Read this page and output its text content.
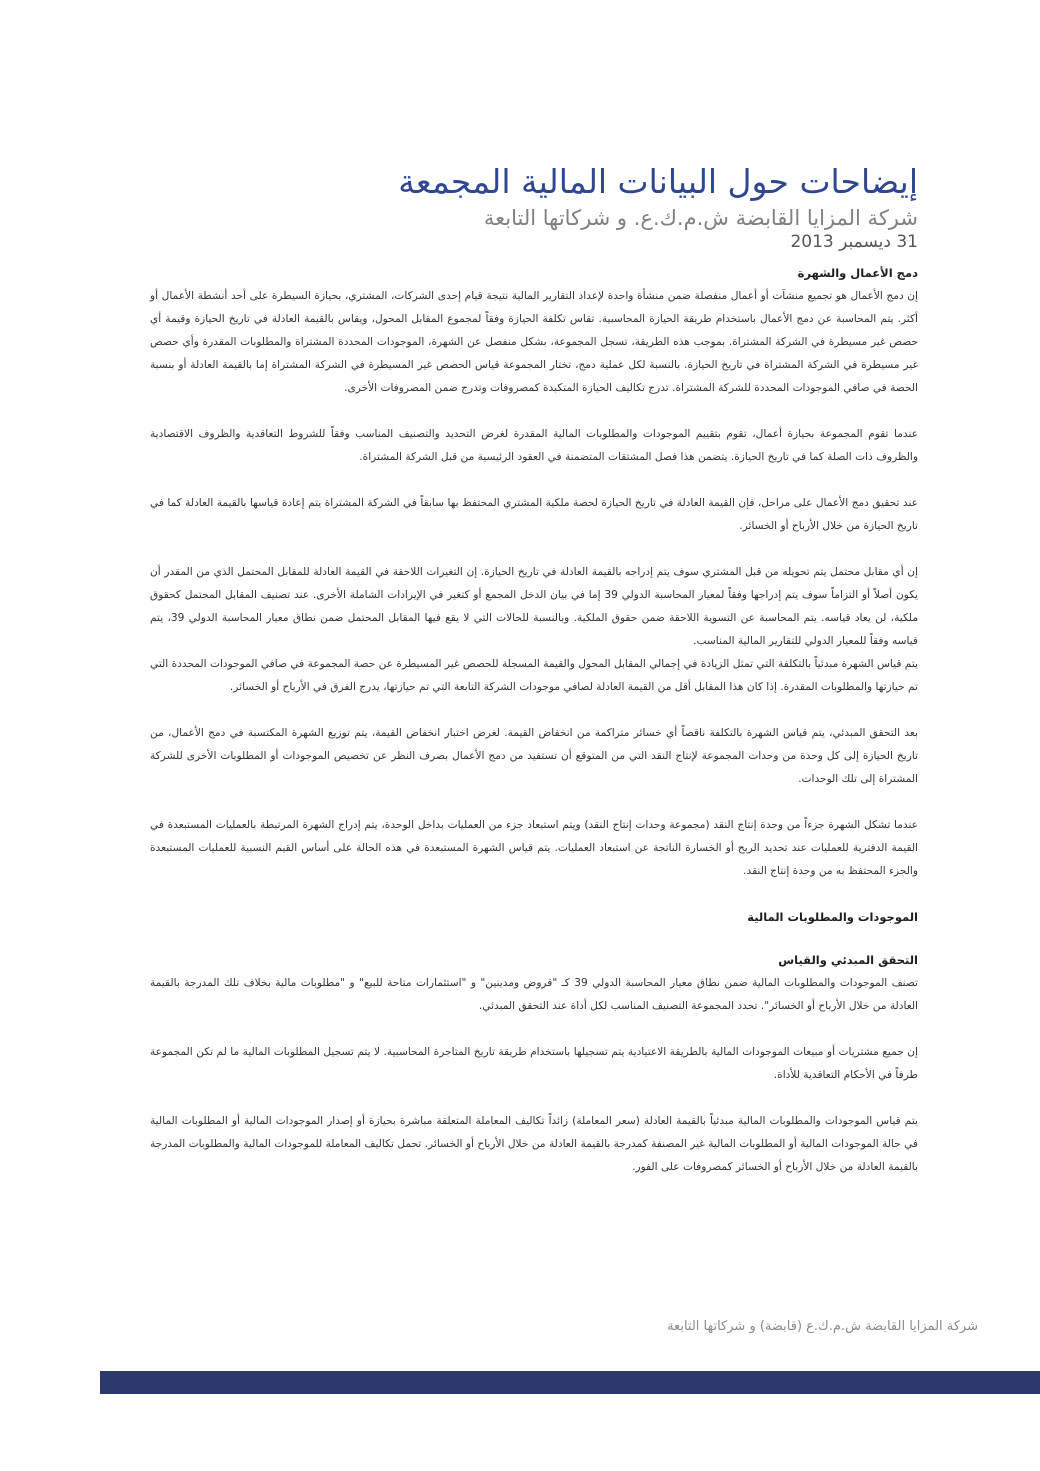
إيضاحات حول البيانات المالية المجمعة
شركة المزايا القابضة ش.م.ك.ع. و شركاتها التابعة
31 ديسمبر 2013
دمج الأعمال والشهرة

إن دمج الأعمال هو تجميع منشآت أو أعمال منفصلة ضمن منشأة واحدة لإعداد التقارير المالية نتيجة قيام إحدى الشركات، المشتري، بحيازة السيطرة على أحد أنشطة الأعمال أو أكثر. يتم المحاسبة عن دمج الأعمال باستخدام طريقة الحيازة المحاسبية. تقاس تكلفة الحيازة وفقاً لمجموع المقابل المحول، ويقاس بالقيمة العادلة في تاريخ الحيازة وقيمة أي حصص غير مسيطرة في الشركة المشتراة. بموجب هذه الطريقة، تسجل المجموعة، بشكل منفصل عن الشهرة، الموجودات المحددة المشتراة والمطلوبات المقدرة وأي حصص غير مسيطرة في الشركة المشتراة في تاريخ الحيازة. بالنسبة لكل عملية دمج، تختار المجموعة قياس الحصص غير المسيطرة في الشركة المشتراة إما بالقيمة العادلة أو بنسبة الحصة في صافي الموجودات المحددة للشركة المشتراة. تدرج تكاليف الحيازة المتكبدة كمصروفات وتدرج ضمن المصروفات الأخرى.

عندما تقوم المجموعة بحيازة أعمال، تقوم بتقييم الموجودات والمطلوبات المالية المقدرة لغرض التحديد والتصنيف المناسب وفقاً للشروط التعاقدية والظروف الاقتصادية والظروف ذات الصلة كما في تاريخ الحيازة. يتضمن هذا فصل المشتقات المتضمنة في العقود الرئيسية من قبل الشركة المشتراة.

عند تحقيق دمج الأعمال على مراحل، فإن القيمة العادلة في تاريخ الحيازة لحصة ملكية المشتري المحتفظ بها سابقاً في الشركة المشتراة يتم إعادة قياسها بالقيمة العادلة كما في تاريخ الحيازة من خلال الأرباح أو الخسائر.

إن أي مقابل محتمل يتم تحويله من قبل المشتري سوف يتم إدراجه بالقيمة العادلة في تاريخ الحيازة. إن التغيرات اللاحقة في القيمة العادلة للمقابل المحتمل الذي من المقدر أن يكون أصلاً أو التزاماً سوف يتم إدراجها وفقاً لمعيار المحاسبة الدولي 39 إما في بيان الدخل المجمع أو كتغير في الإيرادات الشاملة الأخرى. عند تصنيف المقابل المحتمل كحقوق ملكية، لن يعاد قياسه. يتم المحاسبة عن التسوية اللاحقة ضمن حقوق الملكية. وبالنسبة للحالات التي لا يقع فيها المقابل المحتمل ضمن نطاق معيار المحاسبة الدولي 39، يتم قياسه وفقاً للمعيار الدولي للتقارير المالية المناسب.

يتم قياس الشهرة مبدئياً بالتكلفة التي تمثل الزيادة في إجمالي المقابل المحول والقيمة المسجلة للحصص غير المسيطرة عن حصة المجموعة في صافي الموجودات المحددة التي تم حيازتها والمطلوبات المقدرة. إذا كان هذا المقابل أقل من القيمة العادلة لصافي موجودات الشركة التابعة التي تم حيازتها، يدرج الفرق في الأرباح أو الخسائر.

بعد التحقق المبدئي، يتم قياس الشهرة بالتكلفة ناقصاً أي خسائر متراكمة من انخفاض القيمة. لغرض اختبار انخفاض القيمة، يتم توزيع الشهرة المكتسبة في دمج الأعمال، من تاريخ الحيازة إلى كل وحدة من وحدات المجموعة لإنتاج النقد التي من المتوقع أن تستفيد من دمج الأعمال بصرف النظر عن تخصيص الموجودات أو المطلوبات الأخرى للشركة المشتراة إلى تلك الوحدات.

عندما تشكل الشهرة جزءاً من وحدة إنتاج النقد (مجموعة وحدات إنتاج النقد) ويتم استبعاد جزء من العمليات بداخل الوحدة، يتم إدراج الشهرة المرتبطة بالعمليات المستبعدة في القيمة الدفترية للعمليات عند تحديد الربح أو الخسارة الناتجة عن استبعاد العمليات. يتم قياس الشهرة المستبعدة في هذه الحالة على أساس القيم النسبية للعمليات المستبعدة والجزء المحتفظ به من وحدة إنتاج النقد.

الموجودات والمطلوبات المالية
التحقق المبدئي والقياس

تصنف الموجودات والمطلوبات المالية ضمن نطاق معيار المحاسبة الدولي 39 كـ "قروض ومدينين" و "استثمارات متاحة للبيع" و "مطلوبات مالية بخلاف تلك المدرجة بالقيمة العادلة من خلال الأرباح أو الخسائر". تحدد المجموعة التصنيف المناسب لكل أداة عند التحقق المبدئي.

إن جميع مشتريات أو مبيعات الموجودات المالية بالطريقة الاعتيادية يتم تسجيلها باستخدام طريقة تاريخ المتاجرة المحاسبية. لا يتم تسجيل المطلوبات المالية ما لم تكن المجموعة طرفاً في الأحكام التعاقدية للأداة.

يتم قياس الموجودات والمطلوبات المالية مبدئياً بالقيمة العادلة (سعر المعاملة) زائداً تكاليف المعاملة المتعلقة مباشرة بحيازة أو إصدار الموجودات المالية أو المطلوبات المالية في حالة الموجودات المالية أو المطلوبات المالية غير المصنفة كمدرجة بالقيمة العادلة من خلال الأرباح أو الخسائر. تحمل تكاليف المعاملة للموجودات المالية والمطلوبات المدرجة بالقيمة العادلة من خلال الأرباح أو الخسائر كمصروفات على الفور.

شركة المزايا القابضة ش.م.ك.ع (قابضة) و شركاتها التابعة
